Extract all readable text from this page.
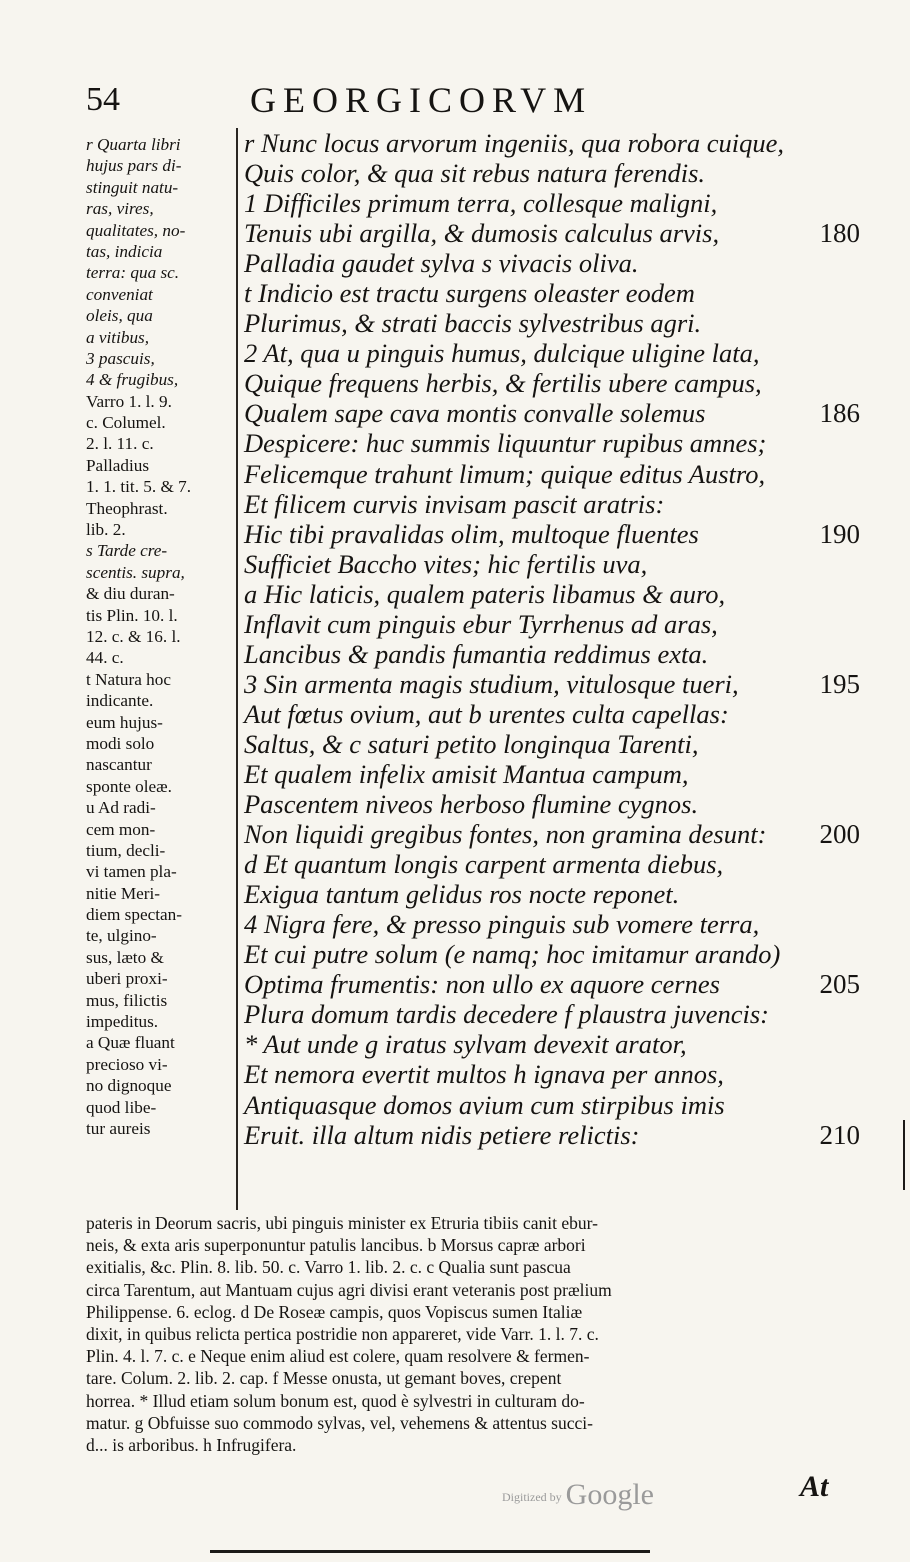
54	GEORGICORVM
r Quarta libri
hujus pars di-
stinguit natu-
ras, vires,
qualitates, no-
tas, indicia
terra: qua sc.
conveniat
oleis, qua
a vitibus,
3 pascuis,
4 & frugibus,
Varro 1. l. 9.
c. Columel.
2. l. 11. c.
Palladius
1. 1. tit. 5. & 7.
Theophrast.
lib. 2.
s Tarde cre-
scentis. supra,
& diu duran-
tis Plin. 10. l.
12. c. & 16. l.
44. c.
t Natura hoc
indicante.
eum hujus-
modi solo
nascantur
sponte oleæ.
u Ad radi-
cem mon-
tium, decli-
vi tamen pla-
nitie Meri-
diem spectan-
te, ulgino-
sus, læto &
uberi proxi-
mus, filictis
impeditus.
a Quæ fluant
precioso vi-
no dignoque
quod libe-
tur aureis
r Nunc locus arvorum ingeniis, qua robora cuique,
Quis color, & qua sit rebus natura ferendis.
1 Difficiles primum terra, collesque maligni,
Tenuis ubi argilla, & dumosis calculus arvis,	180
Palladia gaudet sylva s vivacis oliva.
t Indicio est tractu surgens oleaster eodem
Plurimus, & strati baccis sylvestribus agri.
2 At, qua u pinguis humus, dulcique uligine lata,
Quique frequens herbis, & fertilis ubere campus,
Qualem sape cava montis convalle solemus	186
Despicere: huc summis liquuntur rupibus amnes;
Felicemque trahunt limum; quique editus Austro,
Et filicem curvis invisam pascit aratris:
Hic tibi pravalidas olim, multoque fluentes	190
Sufficiet Baccho vites; hic fertilis uva,
a Hic laticis, qualem pateris libamus & auro,
Inflavit cum pinguis ebur Tyrrhenus ad aras,
Lancibus & pandis fumantia reddimus exta.
3 Sin armenta magis studium, vitulosque tueri,	195
Aut fœtus ovium, aut b urentes culta capellas:
Saltus, & c saturi petito longinqua Tarenti,
Et qualem infelix amisit Mantua campum,
Pascentem niveos herboso flumine cygnos.
Non liquidi gregibus fontes, non gramina desunt: 200
d Et quantum longis carpent armenta diebus,
Exigua tantum gelidus ros nocte reponet.
4 Nigra fere, & presso pinguis sub vomere terra,
Et cui putre solum (e namq; hoc imitamur arando)
Optima frumentis: non ullo ex aquore cernes	205
Plura domum tardis decedere f plaustra juvencis:
* Aut unde g iratus sylvam devexit arator,
Et nemora evertit multos h ignava per annos,
Antiquasque domos avium cum stirpibus imis
Eruit. illa altum nidis petiere relictis:	210
pateris in Deorum sacris, ubi pinguis minister ex Etruria tibiis canit ebur-
neis, & exta aris superponuntur patulis lancibus. b Morsus capræ arbori
exitialis, &c. Plin. 8. lib. 50. c. Varro 1. lib. 2. c. c Qualia sunt pascua
circa Tarentum, aut Mantuam cujus agri divisi erant veteranis post prælium
Philippense. 6. eclog. d De Roseæ campis, quos Vopiscus sumen Italiæ
dixit, in quibus relicta pertica postridie non appareret, vide Varr. 1. l. 7. c.
Plin. 4. l. 7. c. e Neque enim aliud est colere, quam resolvere & fermen-
tare. Colum. 2. lib. 2. cap. f Messe onusta, ut gemant boves, crepent
horrea. * Illud etiam solum bonum est, quod è sylvestri in culturam do-
matur. g Obfuisse suo commodo sylvas, vel, vehemens & attentus succi-
d... is arboribus. h Infrugifera.
Digitized by Google	At
